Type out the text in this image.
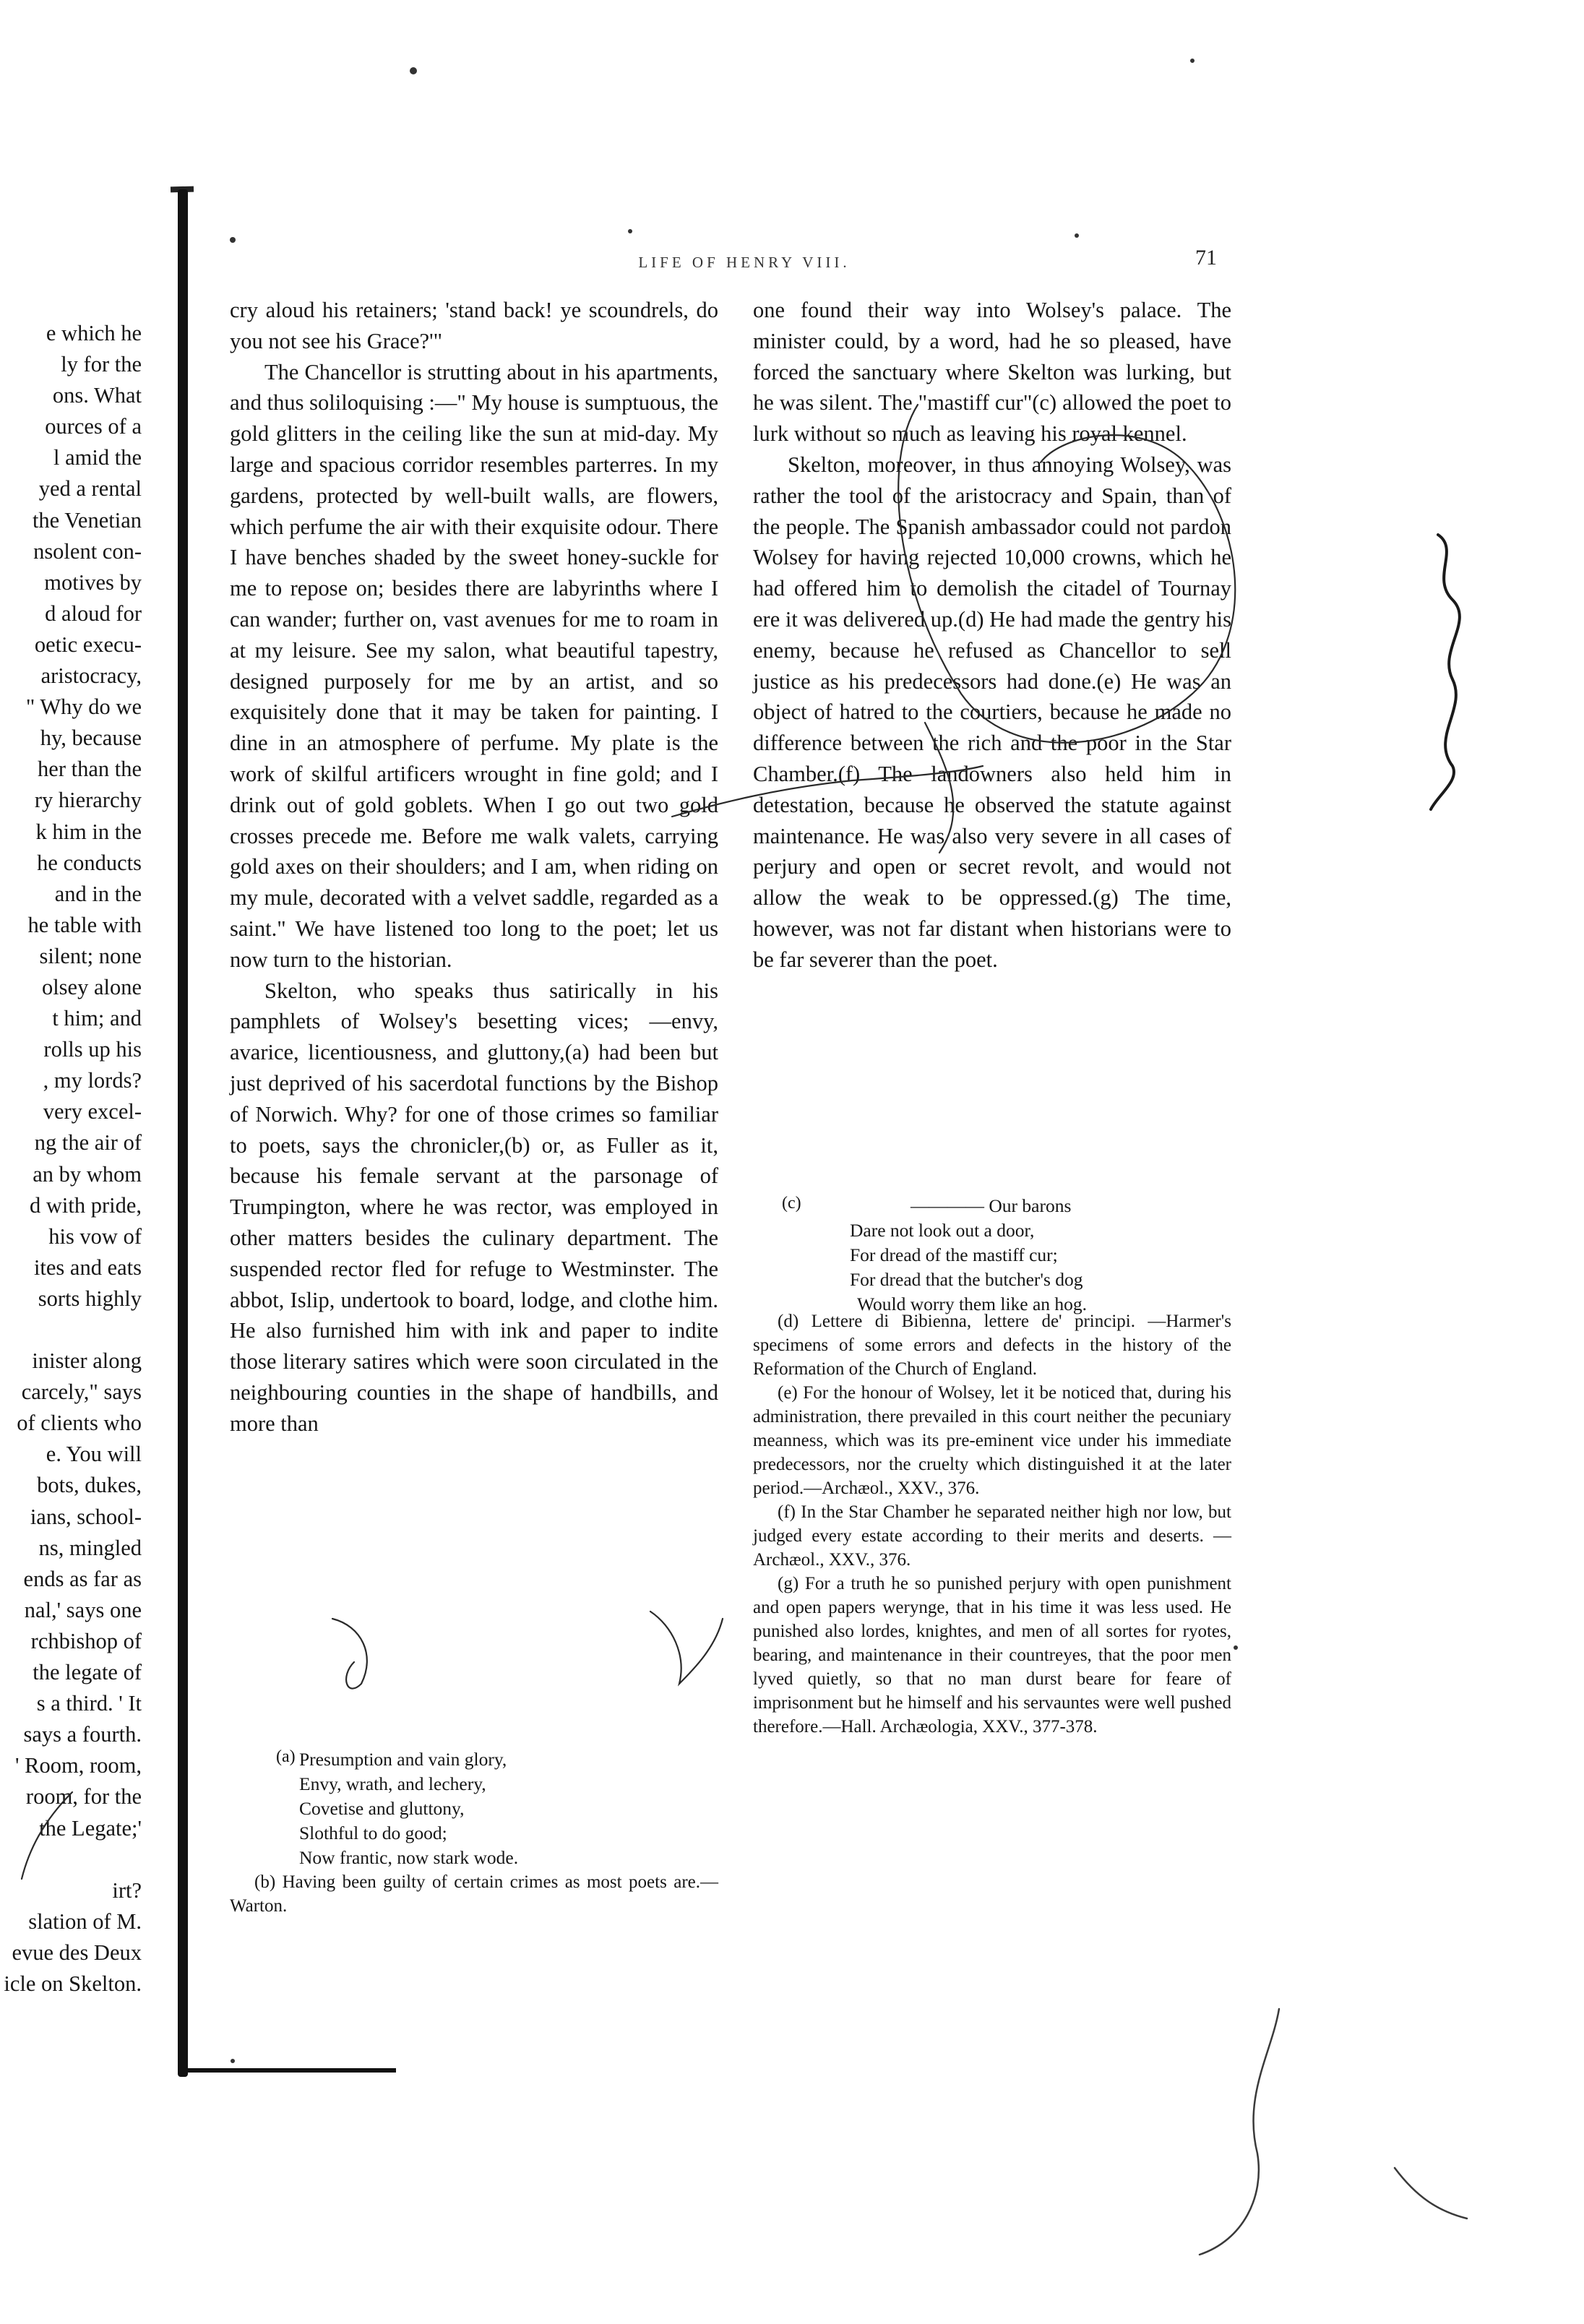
LIFE OF HENRY VIII.	71
e which he
ly for the
ons. What
ources of a
l amid the
yed a rental
the Venetian
nsolent con-
motives by
d aloud for
oetic execu-
aristocracy,
" Why do we
hy, because
her than the
ry hierarchy
k him in the
he conducts
and in the
he table with
silent; none
olsey alone
t him; and
rolls up his
, my lords?
very excel-
ng the air of
an by whom
d with pride,
his vow of
ites and eats
sorts highly
inister along
carcely," says
of clients who
e. You will
bots, dukes,
ians, school-
ns, mingled
ends as far as
nal,' says one
rchbishop of
the legate of
s a third. ' It
says a fourth.
' Room, room,
room, for the
the Legate;'
irt?
slation of M.
evue des Deux
icle on Skelton.

cry aloud his retainers; 'stand back! ye scoundrels, do you not see his Grace?'"

The Chancellor is strutting about in his apartments, and thus soliloquising :—" My house is sumptuous, the gold glitters in the ceiling like the sun at mid-day. My large and spacious corridor resembles parterres. In my gardens, protected by well-built walls, are flowers, which perfume the air with their exquisite odour. There I have benches shaded by the sweet honey-suckle for me to repose on; besides there are labyrinths where I can wander; further on, vast avenues for me to roam in at my leisure. See my salon, what beautiful tapestry, designed purposely for me by an artist, and so exquisitely done that it may be taken for painting. I dine in an atmosphere of perfume. My plate is the work of skilful artificers wrought in fine gold; and I drink out of gold goblets. When I go out two gold crosses precede me. Before me walk valets, carrying gold axes on their shoulders; and I am, when riding on my mule, decorated with a velvet saddle, regarded as a saint." We have listened too long to the poet; let us now turn to the historian.

Skelton, who speaks thus satirically in his pamphlets of Wolsey's besetting vices; —envy, avarice, licentiousness, and gluttony,(a) had been but just deprived of his sacerdotal functions by the Bishop of Norwich. Why? for one of those crimes so familiar to poets, says the chronicler,(b) or, as Fuller as it, because his female servant at the parsonage of Trumpington, where he was rector, was employed in other matters besides the culinary department. The suspended rector fled for refuge to Westminster. The abbot, Islip, undertook to board, lodge, and clothe him. He also furnished him with ink and paper to indite those literary satires which were soon circulated in the neighbouring counties in the shape of handbills, and more than

one found their way into Wolsey's palace. The minister could, by a word, had he so pleased, have forced the sanctuary where Skelton was lurking, but he was silent. The "mastiff cur"(c) allowed the poet to lurk without so much as leaving his royal kennel.

Skelton, moreover, in thus annoying Wolsey, was rather the tool of the aristocracy and Spain, than of the people. The Spanish ambassador could not pardon Wolsey for having rejected 10,000 crowns, which he had offered him to demolish the citadel of Tournay ere it was delivered up.(d) He had made the gentry his enemy, because he refused as Chancellor to sell justice as his predecessors had done.(e) He was an object of hatred to the courtiers, because he made no difference between the rich and the poor in the Star Chamber.(f) The landowners also held him in detestation, because he observed the statute against maintenance. He was also very severe in all cases of perjury and open or secret revolt, and would not allow the weak to be oppressed.(g) The time, however, was not far distant when historians were to be far severer than the poet.

(a) Presumption and vain glory,
Envy, wrath, and lechery,
Covetise and gluttony,
Slothful to do good;
Now frantic, now stark wode.

(b) Having been guilty of certain crimes as most poets are.—Warton.

(c)	———— Our barons
Dare not look out a door,
For dread of the mastiff cur;
For dread that the butcher's dog
Would worry them like an hog.

(d) Lettere di Bibienna, lettere de' principi. —Harmer's specimens of some errors and defects in the history of the Reformation of the Church of England.

(e) For the honour of Wolsey, let it be noticed that, during his administration, there prevailed in this court neither the pecuniary meanness, which was its pre-eminent vice under his immediate predecessors, nor the cruelty which distinguished it at the later period.—Archæol., XXV., 376.

(f) In the Star Chamber he separated neither high nor low, but judged every estate according to their merits and deserts. — Archæol., XXV., 376.

(g) For a truth he so punished perjury with open punishment and open papers werynge, that in his time it was less used. He punished also lordes, knightes, and men of all sortes for ryotes, bearing, and maintenance in their countreyes, that the poor men lyved quietly, so that no man durst beare for feare of imprisonment but he himself and his servauntes were well pushed therefore.—Hall. Archæologia, XXV., 377-378.
